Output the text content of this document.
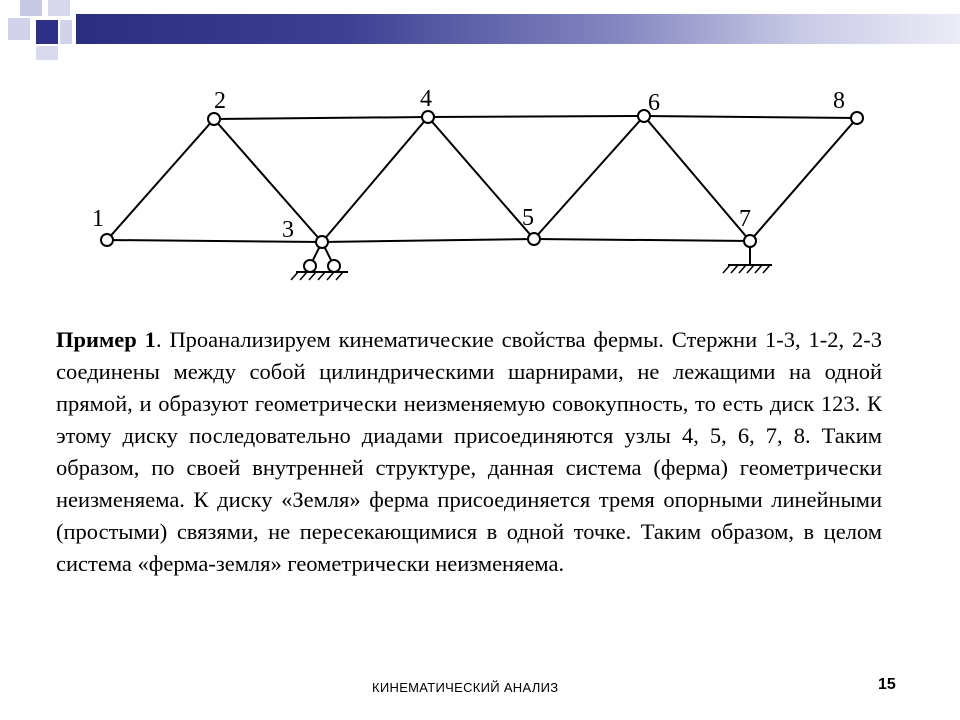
1
2
3
4
5
6
7
8

Пример 1. Проанализируем кинематические свойства фермы. Стержни 1-3, 1-2, 2-3 соединены между собой цилиндрическими шарнирами, не лежащими на одной прямой, и образуют геометрически неизменяемую совокупность, то есть диск 123. К этому диску последовательно диадами присоединяются узлы 4, 5, 6, 7, 8. Таким образом, по своей внутренней структуре, данная система (ферма) геометрически неизменяема. К диску «Земля» ферма присоединяется тремя опорными линейными (простыми) связями, не пересекающимися в одной точке. Таким образом, в целом система «ферма-земля» геометрически неизменяема.

КИНЕМАТИЧЕСКИЙ АНАЛИЗ	15
